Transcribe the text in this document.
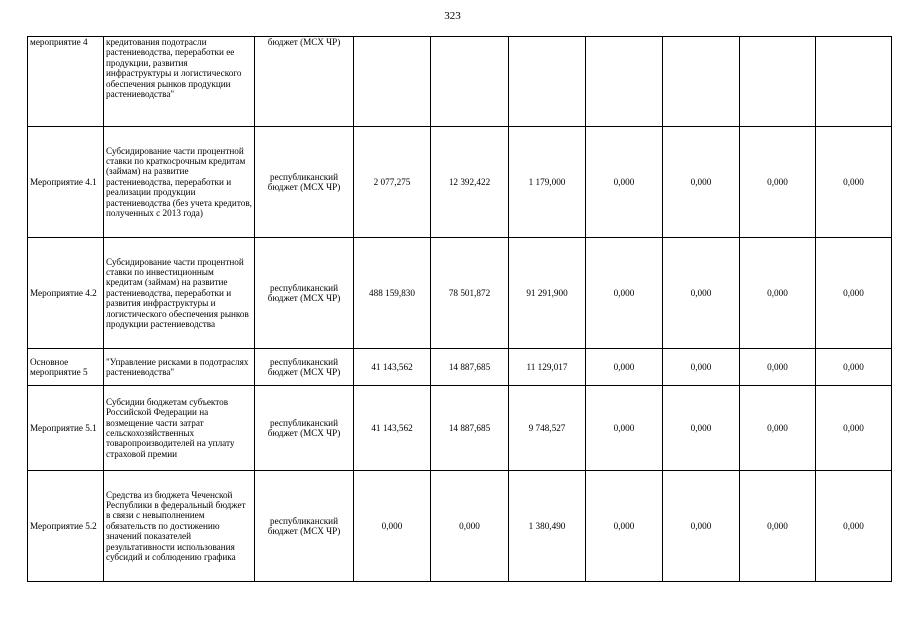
323
мероприятие 4	кредитования подотрасли растениеводства, переработки ее продукции, развития инфраструктуры и логистического обеспечения рынков продукции растениеводства"	бюджет (МСХ ЧР)							
Мероприятие 4.1	Субсидирование части процентной ставки по краткосрочным кредитам (займам) на развитие растениеводства, переработки и реализации продукции растениеводства (без учета кредитов, полученных с 2013 года)	республиканский бюджет (МСХ ЧР)	2 077,275	12 392,422	1 179,000	0,000	0,000	0,000	0,000
Мероприятие 4.2	Субсидирование части процентной ставки по инвестиционным кредитам (займам) на развитие растениеводства, переработки и развития инфраструктуры и логистического обеспечения рынков продукции растениеводства	республиканский бюджет (МСХ ЧР)	488 159,830	78 501,872	91 291,900	0,000	0,000	0,000	0,000
Основное мероприятие 5	"Управление рисками в подотраслях растениеводства"	республиканский бюджет (МСХ ЧР)	41 143,562	14 887,685	11 129,017	0,000	0,000	0,000	0,000
Мероприятие 5.1	Субсидии бюджетам субъектов Российской Федерации на возмещение части затрат сельскохозяйственных товаропроизводителей на уплату страховой премии	республиканский бюджет (МСХ ЧР)	41 143,562	14 887,685	9 748,527	0,000	0,000	0,000	0,000
Мероприятие 5.2	Средства из бюджета Чеченской Республики в федеральный бюджет в связи с невыполнением обязательств по достижению значений показателей результативности использования субсидий и соблюдению графика	республиканский бюджет (МСХ ЧР)	0,000	0,000	1 380,490	0,000	0,000	0,000	0,000
